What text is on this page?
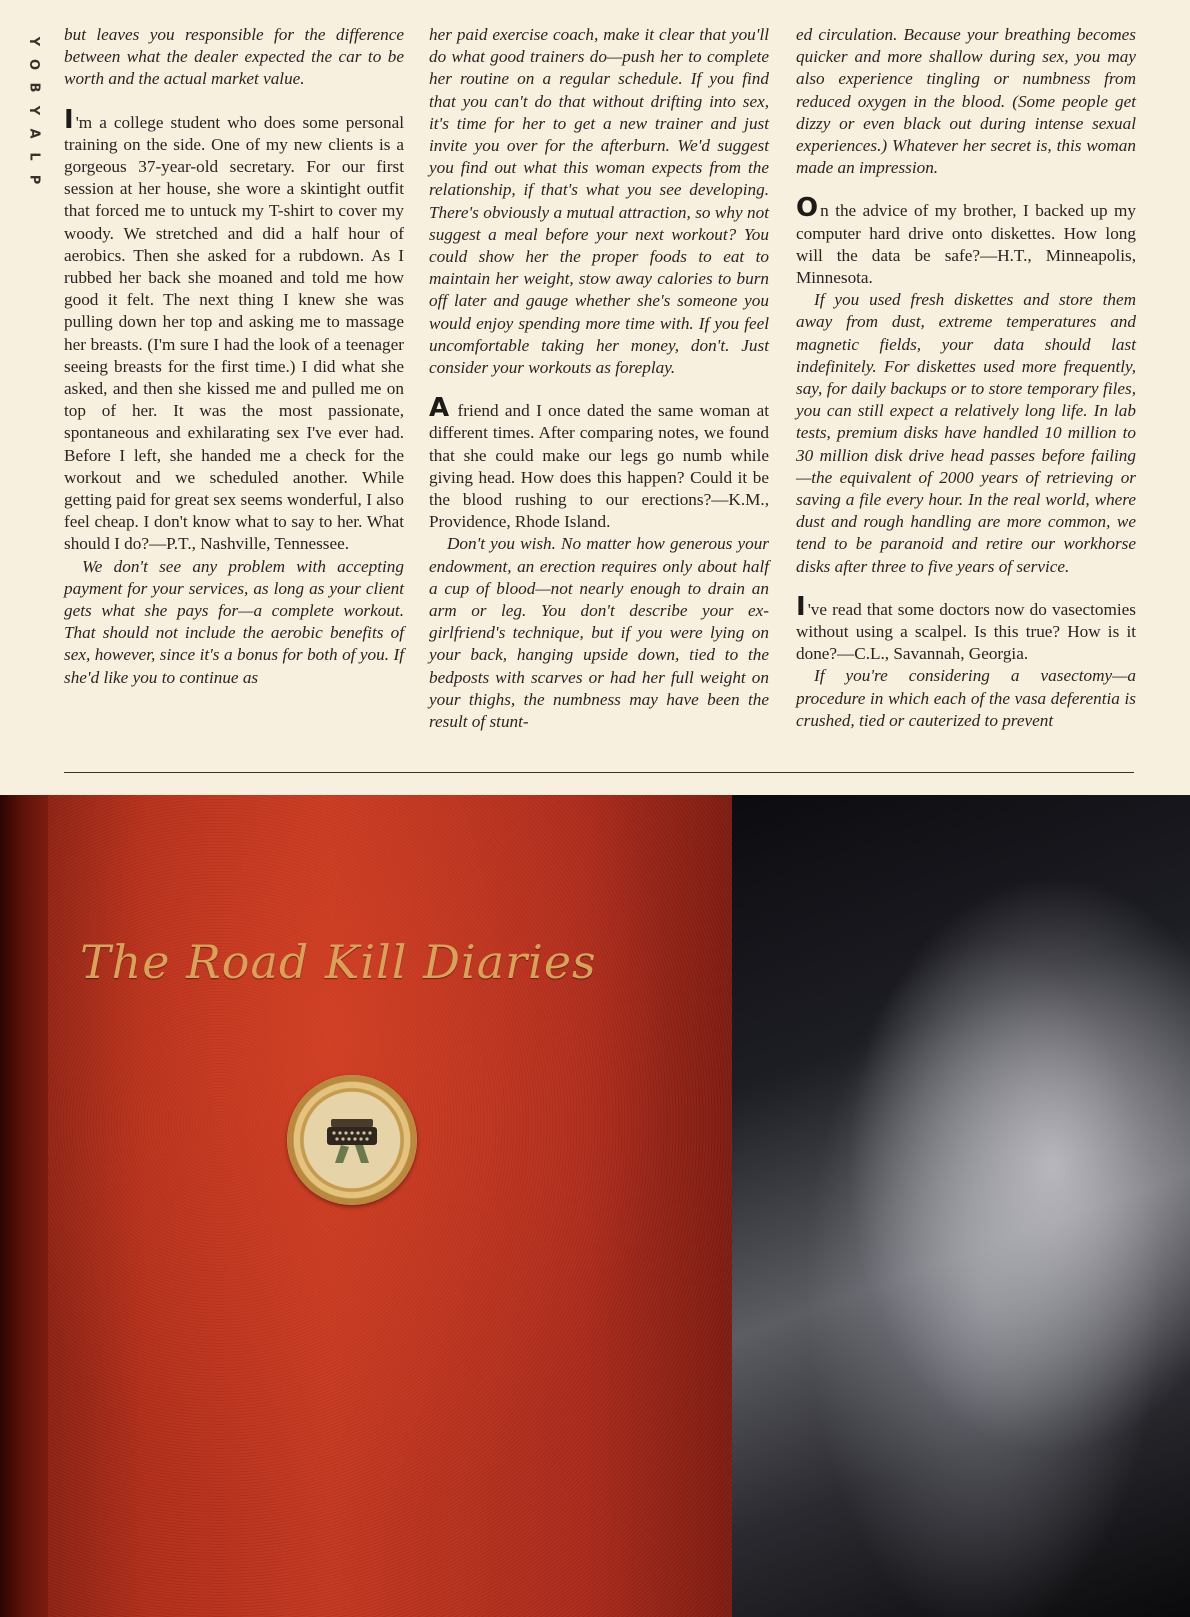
Y
O
B
Y
A
L
P

but leaves you responsible for the difference between what the dealer expected the car to be worth and the actual market value.

I 'm a college student who does some personal training on the side. One of my new clients is a gorgeous 37-year-old secretary. For our first session at her house, she wore a skintight outfit that forced me to untuck my T-shirt to cover my woody. We stretched and did a half hour of aerobics. Then she asked for a rubdown. As I rubbed her back she moaned and told me how good it felt. The next thing I knew she was pulling down her top and asking me to massage her breasts. (I'm sure I had the look of a teenager seeing breasts for the first time.) I did what she asked, and then she kissed me and pulled me on top of her. It was the most passionate, spontaneous and exhilarating sex I've ever had. Before I left, she handed me a check for the workout and we scheduled another. While getting paid for great sex seems wonderful, I also feel cheap. I don't know what to say to her. What should I do?—P.T., Nashville, Tennessee.

We don't see any problem with accepting payment for your services, as long as your client gets what she pays for—a complete workout. That should not include the aerobic benefits of sex, however, since it's a bonus for both of you. If she'd like you to continue as

her paid exercise coach, make it clear that you'll do what good trainers do—push her to complete her routine on a regular schedule. If you find that you can't do that without drifting into sex, it's time for her to get a new trainer and just invite you over for the afterburn. We'd suggest you find out what this woman expects from the relationship, if that's what you see developing. There's obviously a mutual attraction, so why not suggest a meal before your next workout? You could show her the proper foods to eat to maintain her weight, stow away calories to burn off later and gauge whether she's someone you would enjoy spending more time with. If you feel uncomfortable taking her money, don't. Just consider your workouts as foreplay.

A friend and I once dated the same woman at different times. After comparing notes, we found that she could make our legs go numb while giving head. How does this happen? Could it be the blood rushing to our erections?—K.M., Providence, Rhode Island.

Don't you wish. No matter how generous your endowment, an erection requires only about half a cup of blood—not nearly enough to drain an arm or leg. You don't describe your ex-girlfriend's technique, but if you were lying on your back, hanging upside down, tied to the bedposts with scarves or had her full weight on your thighs, the numbness may have been the result of stunt-

ed circulation. Because your breathing becomes quicker and more shallow during sex, you may also experience tingling or numbness from reduced oxygen in the blood. (Some people get dizzy or even black out during intense sexual experiences.) Whatever her secret is, this woman made an impression.

On the advice of my brother, I backed up my computer hard drive onto diskettes. How long will the data be safe?—H.T., Minneapolis, Minnesota.

If you used fresh diskettes and store them away from dust, extreme temperatures and magnetic fields, your data should last indefinitely. For diskettes used more frequently, say, for daily backups or to store temporary files, you can still expect a relatively long life. In lab tests, premium disks have handled 10 million to 30 million disk drive head passes before failing—the equivalent of 2000 years of retrieving or saving a file every hour. In the real world, where dust and rough handling are more common, we tend to be paranoid and retire our workhorse disks after three to five years of service.

I 've read that some doctors now do vasectomies without using a scalpel. Is this true? How is it done?—C.L., Savannah, Georgia.

If you're considering a vasectomy—a procedure in which each of the vasa deferentia is crushed, tied or cauterized to prevent

The Road Kill Diaries
